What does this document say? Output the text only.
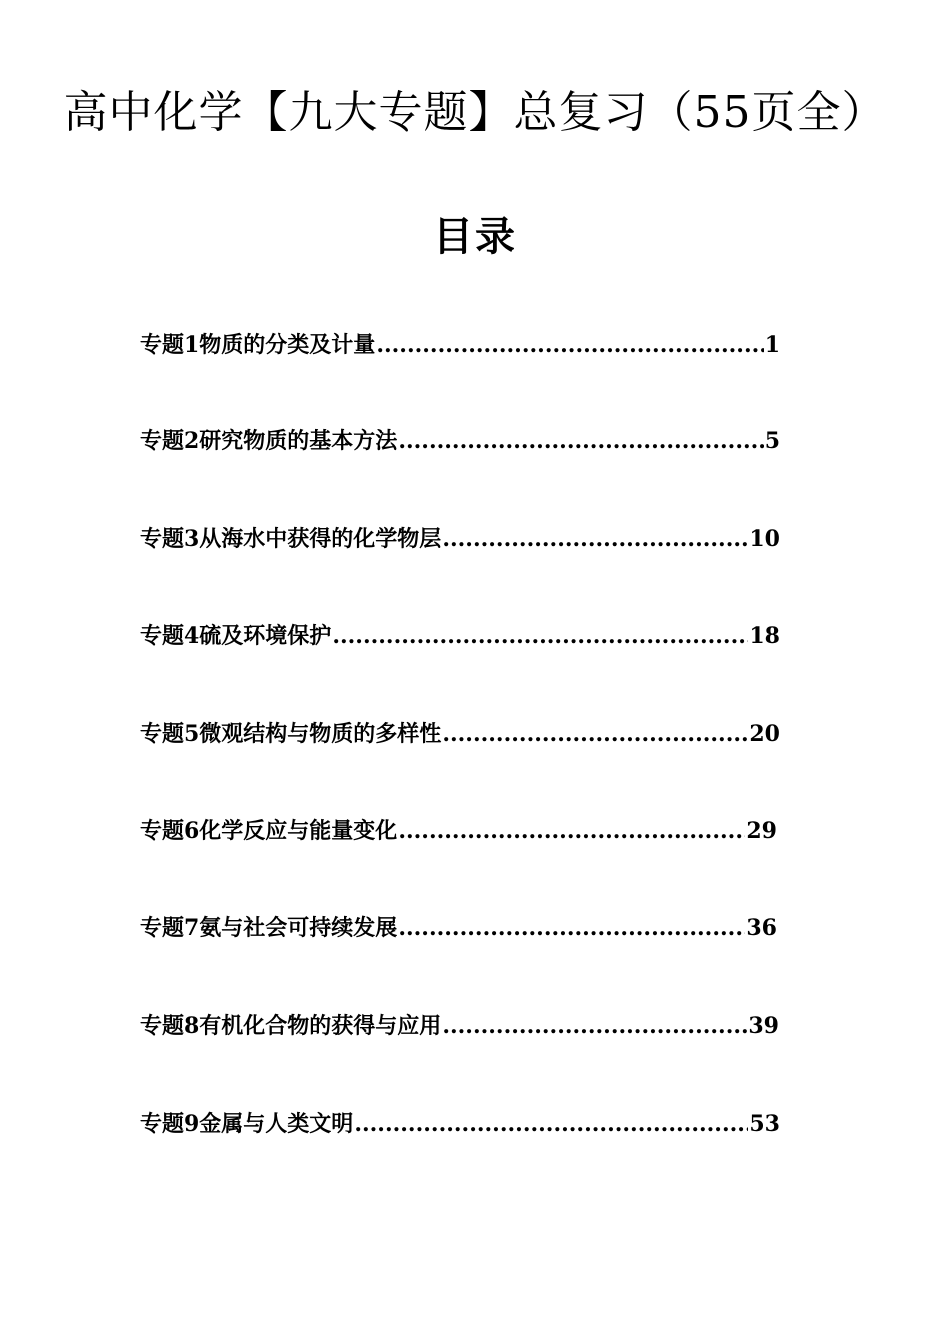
高中化学【九大专题】总复习（55页全）
目录
专题1物质的分类及计量 .....	1
专题2研究物质的基本方法 .....	5
专题3从海水中获得的化学物层 .....	10
专题4硫及环境保护 .....	18
专题5微观结构与物质的多样性 .....	20
专题6化学反应与能量变化 .....	29
专题7氨与社会可持续发展 .....	36
专题8有机化合物的获得与应用 .....	39
专题9金属与人类文明 .....	53
